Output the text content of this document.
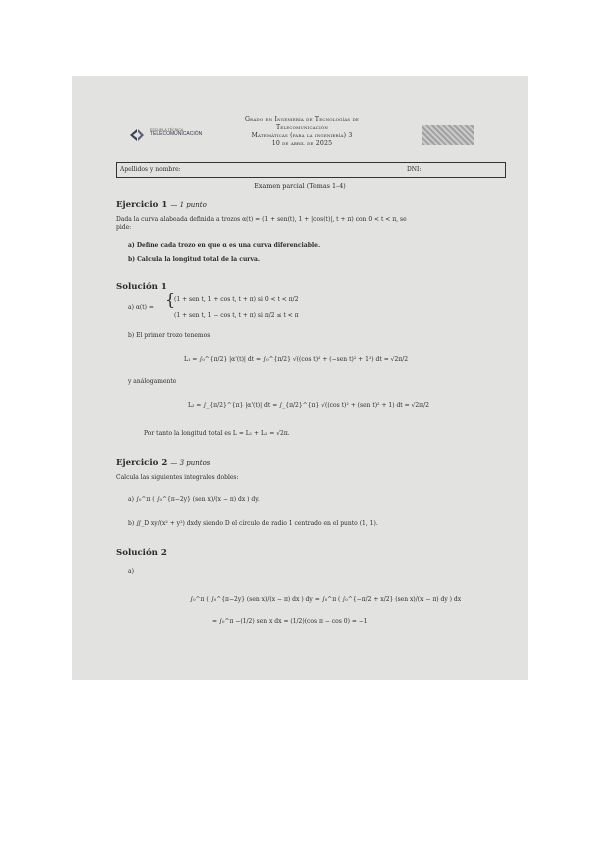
ESCUELA TÉCNICA
TELECOMUNICACIÓN
Grado en Ingeniería de Tecnologías de
Telecomunicación
Matemáticas (para la ingeniería) 3
10 de abril de 2025
Apellidos y nombre:	DNI:
Examen parcial (Temas 1–4)
Ejercicio 1 — 1 punto
Dada la curva alabeada definida a trozos α(t) = (1 + sen(t), 1 + |cos(t)|, t + π) con 0 < t < π, se
pide:
a) Define cada trozo en que α es una curva diferenciable.
b) Calcula la longitud total de la curva.
Solución 1
a) α(t) = {
(1 + sen t, 1 + cos t, t + π) si 0 < t < π/2
(1 + sen t, 1 − cos t, t + π) si π/2 ≤ t < π
b) El primer trozo tenemos
L₁ = ∫₀^{π/2} |α'(t)| dt = ∫₀^{π/2} √((cos t)² + (−sen t)² + 1²) dt = √2π/2
y análogamente
L₂ = ∫_{π/2}^{π} |α'(t)| dt = ∫_{π/2}^{π} √((cos t)² + (sen t)² + 1) dt = √2π/2
Por tanto la longitud total es L = L₁ + L₂ = √2π.
Ejercicio 2 — 3 puntos
Calcula las siguientes integrales dobles:
a) ∫₀^π ( ∫₀^{π−2y} (sen x)/(x − π) dx ) dy.
b) ∬_D xy/(x² + y²) dxdy siendo D el círculo de radio 1 centrado en el punto (1, 1).
Solución 2
a)
∫₀^π ( ∫₀^{π−2y} (sen x)/(x − π) dx ) dy = ∫₀^π ( ∫₀^{−π/2 + x/2} (sen x)/(x − π) dy ) dx
= ∫₀^π −(1/2) sen x dx = (1/2)(cos π − cos 0) = −1
